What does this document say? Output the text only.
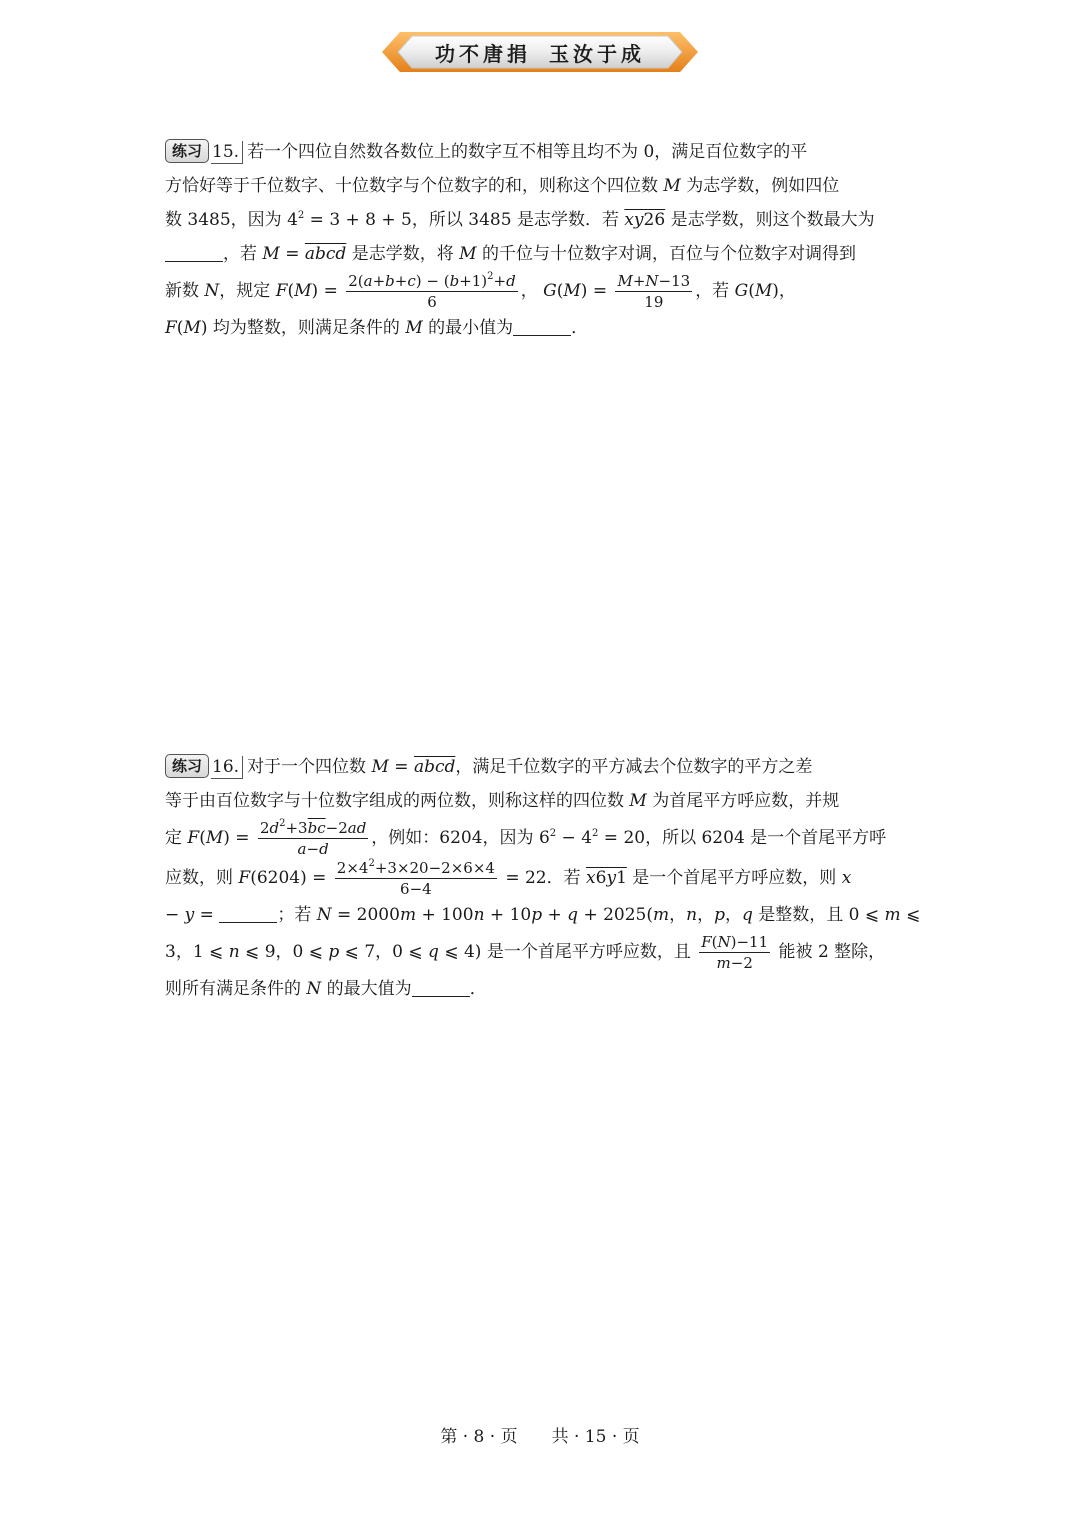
功不唐捐 玉汝于成
练习 15. 若一个四位自然数各数位上的数字互不相等且均不为 0，满足百位数字的平
方恰好等于千位数字、十位数字与个位数字的和，则称这个四位数 M 为志学数，例如四位
数 3485，因为 $4^2 = 3 + 8 + 5$，所以 3485 是志学数．若 $\overline{xy}26$ 是志学数，则这个数最大为
，若 M = abcd 是志学数，将 M 的千位与十位数字对调，百位与个位数字对调得到
新数 N，规定 $F(M) = \frac{2(a+b+c) - (b+1)^2+d}{6}$ ， $G(M) = \frac{M+N-13}{19}$ ，若 G(M)，
F(M) 均为整数，则满足条件的 M 的最小值为	．
练习 16. 对于一个四位数 M = abcd，满足千位数字的平方减去个位数字的平方之差
等于由百位数字与十位数字组成的两位数，则称这样的四位数 M 为首尾平方呼应数，并规
定 $F(M) = \frac{2d^2+3\overline{bc}-2ad}{a-d}$ ，例如：6204，因为 $6^2 - 4^2 = 20$，所以 6204 是一个首尾平方呼
应数，则 $F(6204) = \frac{2\times 4^2+3\times 20-2\times 6\times 4}{6-4} = 22$．若 x6y1 是一个首尾平方呼应数，则 x
− y =	；若 N = 2000m + 100n + 10p + q + 2025(m，n，p，q 是整数，且 0 ⩽ m ⩽
3，1 ⩽ n ⩽ 9，0 ⩽ p ⩽ 7，0 ⩽ q ⩽ 4) 是一个首尾平方呼应数，且 $\frac{F(N)-11}{m-2}$ 能被 2 整除，
则所有满足条件的 N 的最大值为	．
第 · 8 · 页　　共 · 15 · 页
